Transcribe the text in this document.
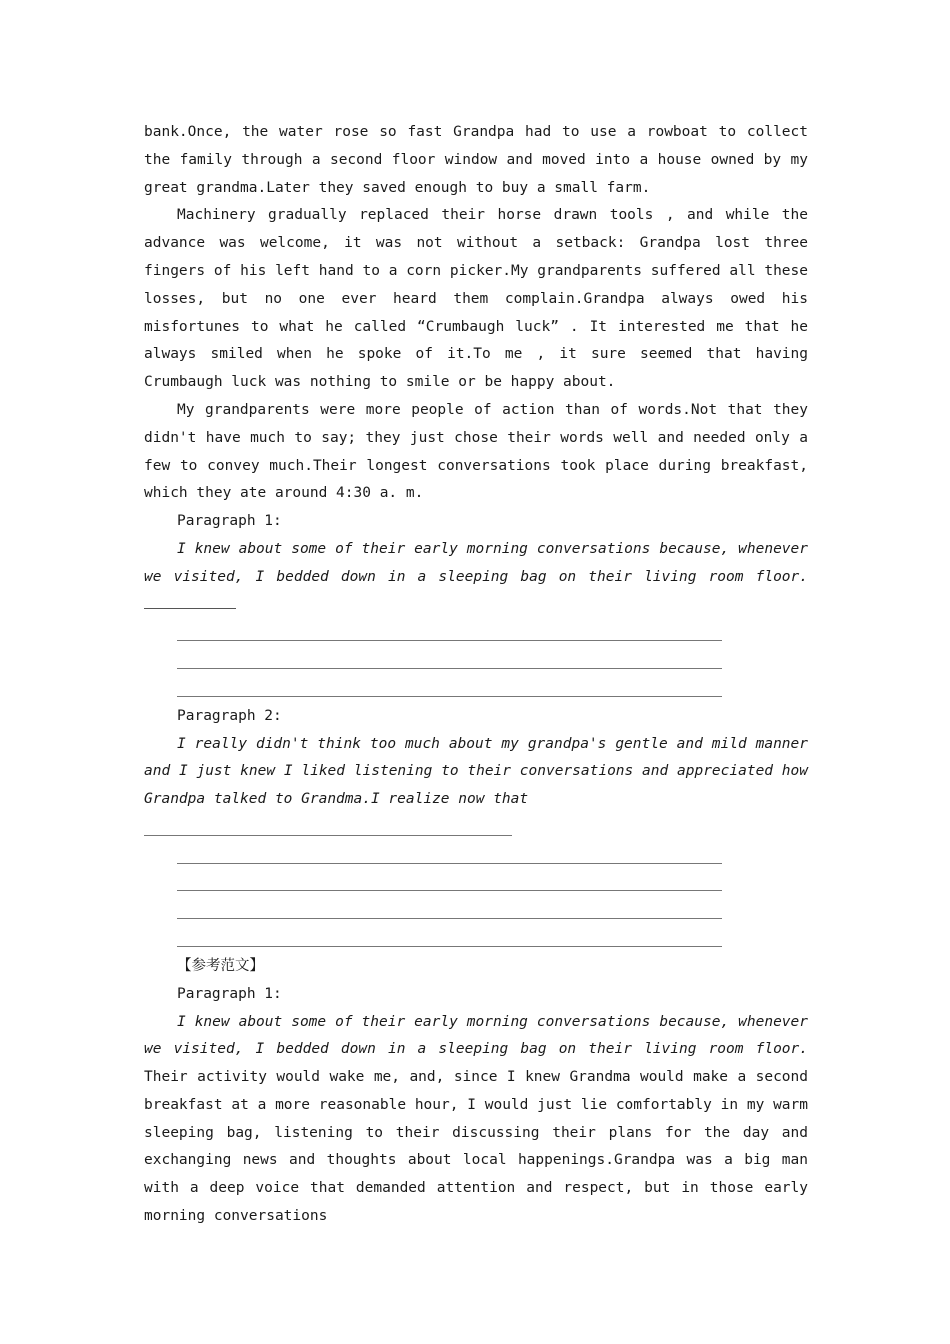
bank.Once, the water rose so fast Grandpa had to use a rowboat to collect the family through a second floor window and moved into a house owned by my great grandma.Later they saved enough to buy a small farm.

Machinery gradually replaced their horse drawn tools , and while the advance was welcome, it was not without a setback: Grandpa lost three fingers of his left hand to a corn picker.My grandparents suffered all these losses, but no one ever heard them complain.Grandpa always owed his misfortunes to what he called “Crumbaugh luck” . It interested me that he always smiled when he spoke of it.To me , it sure seemed that having Crumbaugh luck was nothing to smile or be happy about.

My grandparents were more people of action than of words.Not that they didn't have much to say; they just chose their words well and needed only a few to convey much.Their longest conversations took place during breakfast, which they ate around 4:30 a. m.

Paragraph 1:

I knew about some of their early morning conversations because, whenever we visited, I bedded down in a sleeping bag on their living room floor.

Paragraph 2:

I really didn't think too much about my grandpa's gentle and mild manner and I just knew I liked listening to their conversations and appreciated how Grandpa talked to Grandma.I realize now that

【参考范文】

Paragraph 1:

I knew about some of their early morning conversations because, whenever we visited, I bedded down in a sleeping bag on their living room floor. Their activity would wake me, and, since I knew Grandma would make a second breakfast at a more reasonable hour, I would just lie comfortably in my warm sleeping bag, listening to their discussing their plans for the day and exchanging news and thoughts about local happenings.Grandpa was a big man with a deep voice that demanded attention and respect, but in those early morning conversations
